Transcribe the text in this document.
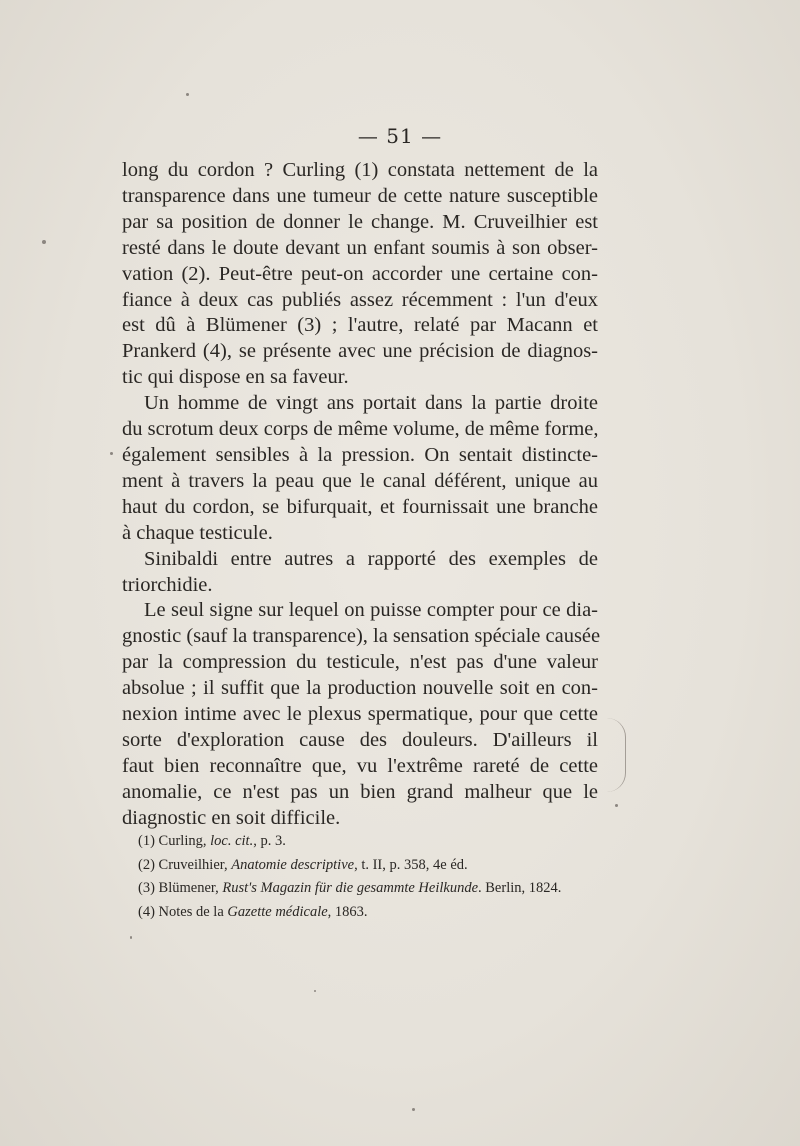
— 51 —
long du cordon ? Curling (1) constata nettement de la
transparence dans une tumeur de cette nature susceptible
par sa position de donner le change. M. Cruveilhier est
resté dans le doute devant un enfant soumis à son obser-
vation (2). Peut-être peut-on accorder une certaine con-
fiance à deux cas publiés assez récemment : l'un d'eux
est dû à Blümener (3) ; l'autre, relaté par Macann et
Prankerd (4), se présente avec une précision de diagnos-
tic qui dispose en sa faveur.
Un homme de vingt ans portait dans la partie droite
du scrotum deux corps de même volume, de même forme,
également sensibles à la pression. On sentait distincte-
ment à travers la peau que le canal déférent, unique au
haut du cordon, se bifurquait, et fournissait une branche
à chaque testicule.
Sinibaldi entre autres a rapporté des exemples de
triorchidie.
Le seul signe sur lequel on puisse compter pour ce dia-
gnostic (sauf la transparence), la sensation spéciale causée
par la compression du testicule, n'est pas d'une valeur
absolue ; il suffit que la production nouvelle soit en con-
nexion intime avec le plexus spermatique, pour que cette
sorte d'exploration cause des douleurs. D'ailleurs il
faut bien reconnaître que, vu l'extrême rareté de cette
anomalie, ce n'est pas un bien grand malheur que le
diagnostic en soit difficile.
(1) Curling, loc. cit., p. 3.
(2) Cruveilhier, Anatomie descriptive, t. II, p. 358, 4e éd.
(3) Blümener, Rust's Magazin für die gesammte Heilkunde. Berlin, 1824.
(4) Notes de la Gazette médicale, 1863.
